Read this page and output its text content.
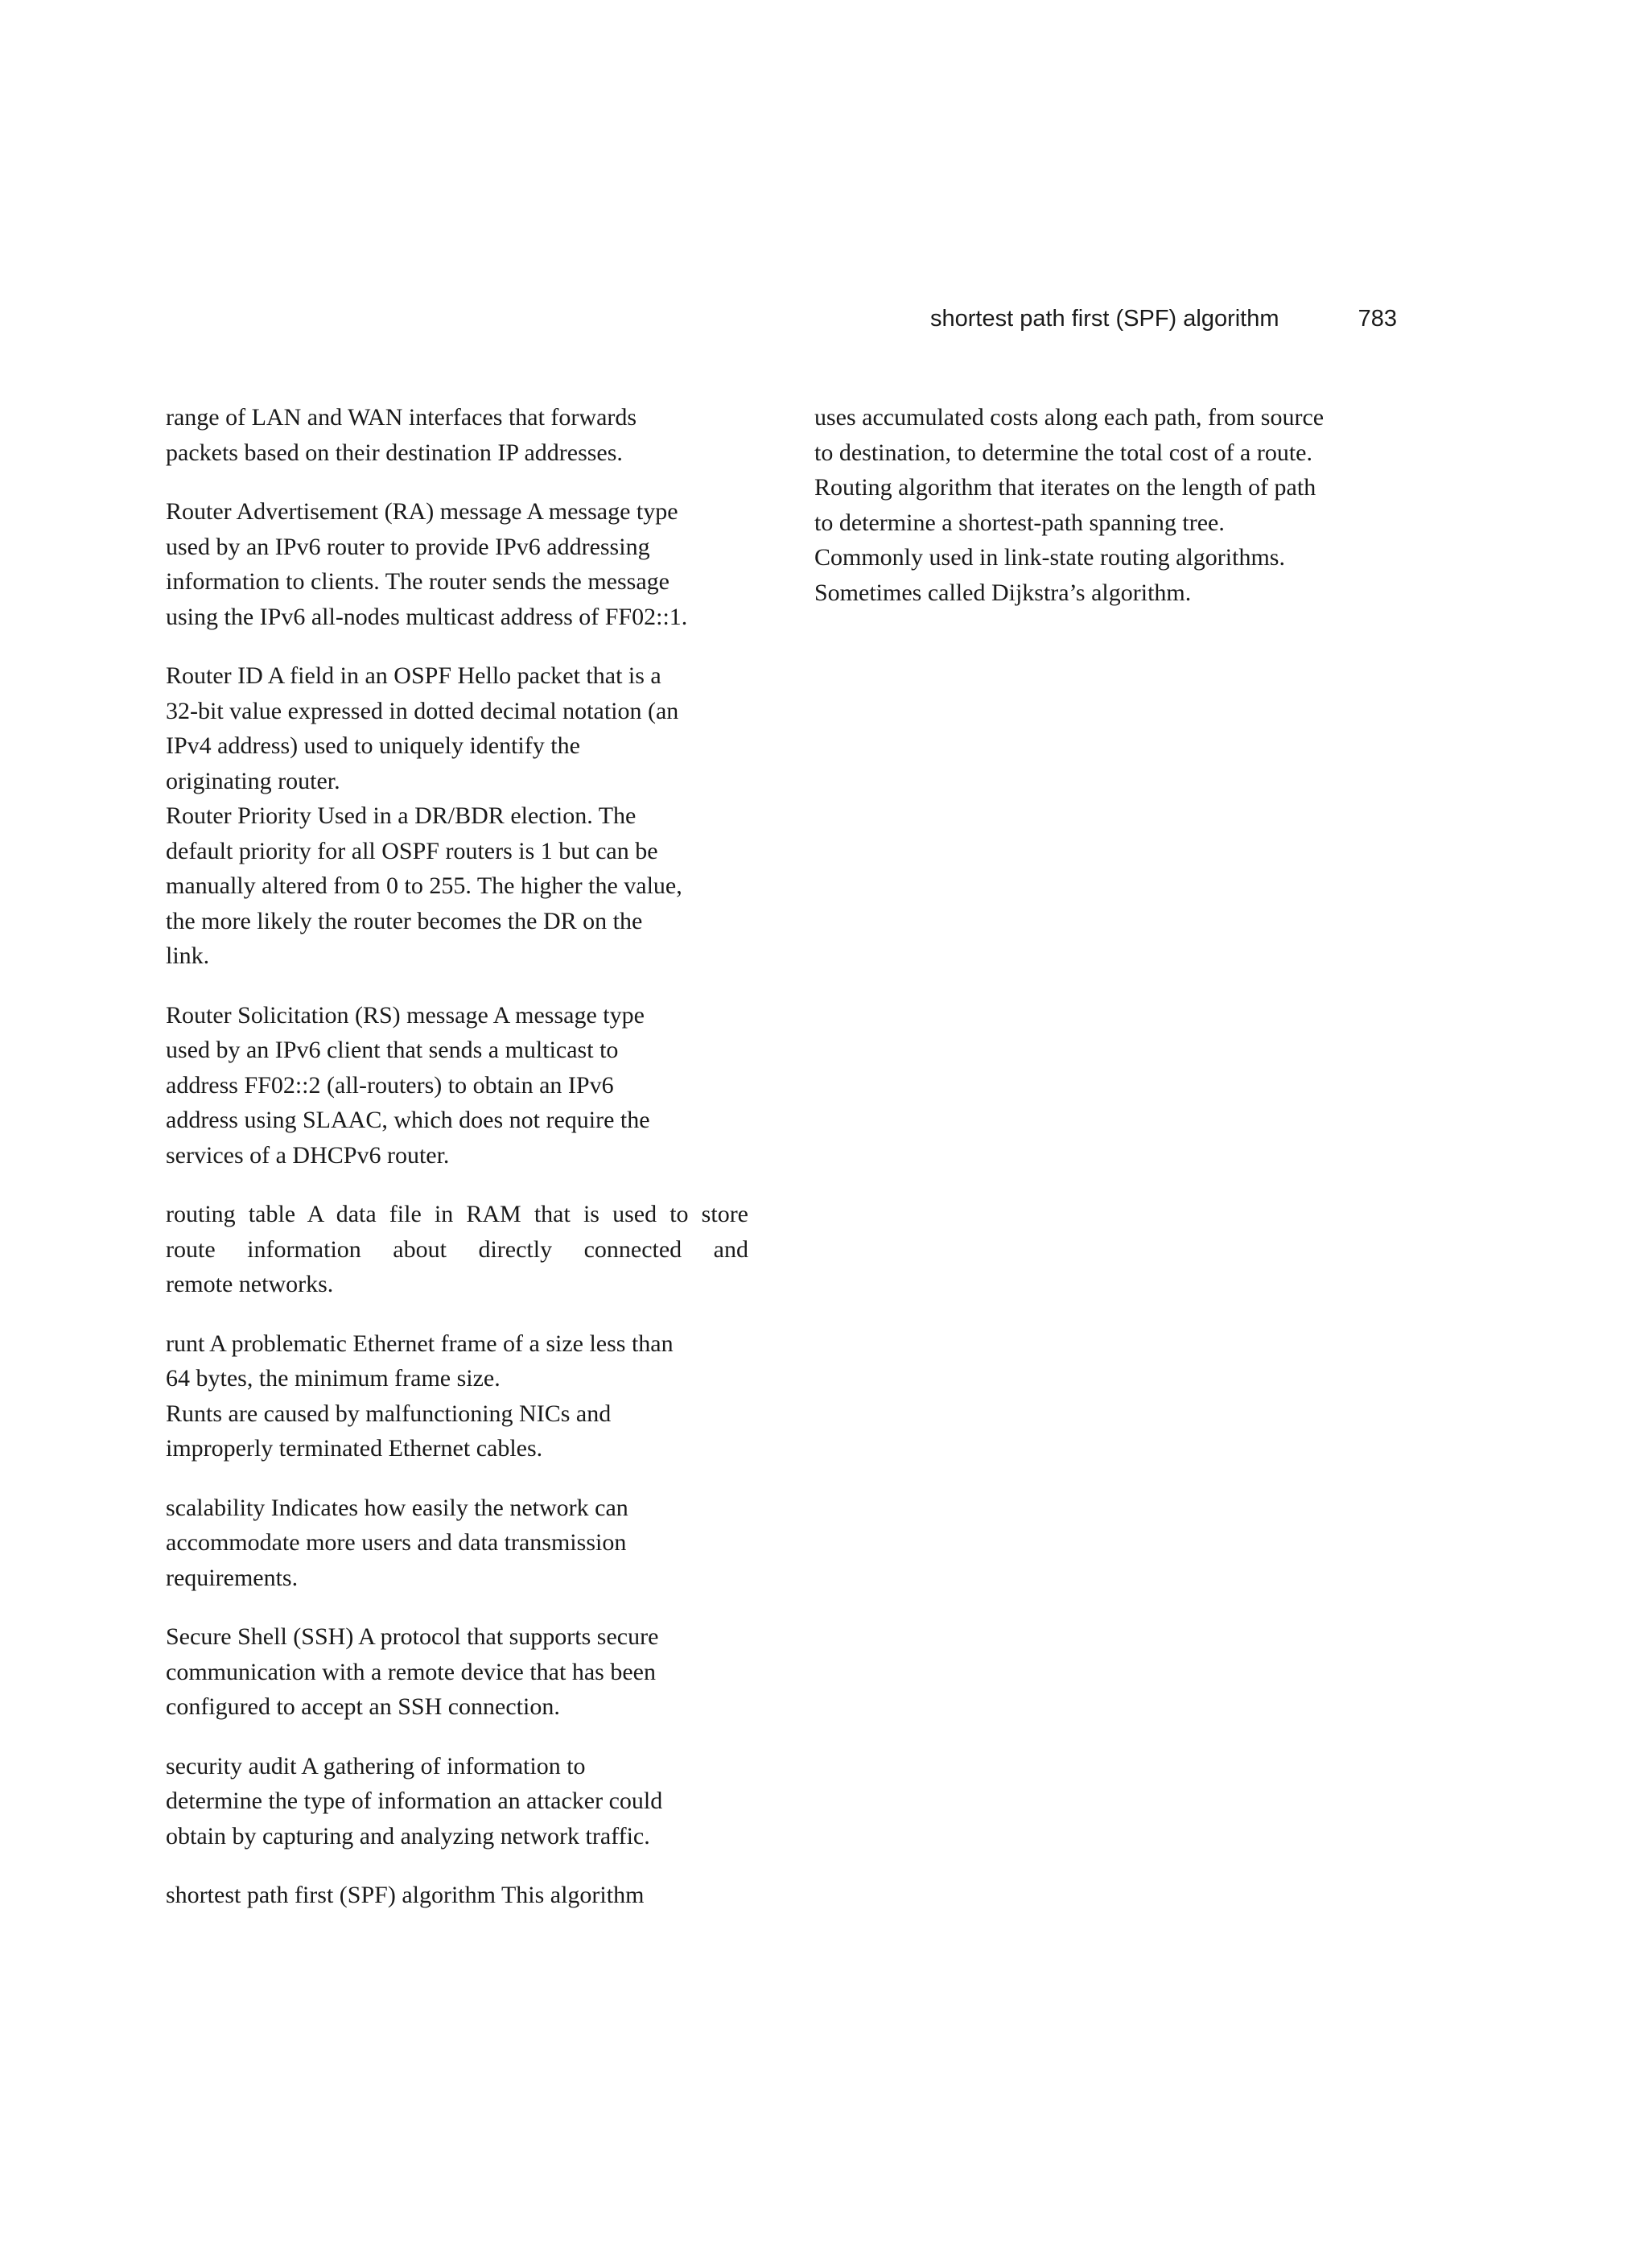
shortest path first (SPF) algorithm	783
range of LAN and WAN interfaces that forwards
packets based on their destination IP addresses.
Router Advertisement (RA) message A message type
used by an IPv6 router to provide IPv6 addressing
information to clients. The router sends the message
using the IPv6 all-nodes multicast address of FF02::1.
Router ID A field in an OSPF Hello packet that is a
32-bit value expressed in dotted decimal notation (an
IPv4 address) used to uniquely identify the
originating router.
Router Priority Used in a DR/BDR election. The
default priority for all OSPF routers is 1 but can be
manually altered from 0 to 255. The higher the value,
the more likely the router becomes the DR on the
link.
Router Solicitation (RS) message A message type
used by an IPv6 client that sends a multicast to
address FF02::2 (all-routers) to obtain an IPv6
address using SLAAC, which does not require the
services of a DHCPv6 router.
routing table A data file in RAM that is used to store
route information about directly connected and
remote networks.
runt A problematic Ethernet frame of a size less than
64 bytes, the minimum frame size.
Runts are caused by malfunctioning NICs and
improperly terminated Ethernet cables.
scalability Indicates how easily the network can
accommodate more users and data transmission
requirements.
Secure Shell (SSH) A protocol that supports secure
communication with a remote device that has been
configured to accept an SSH connection.
security audit A gathering of information to
determine the type of information an attacker could
obtain by capturing and analyzing network traffic.
shortest path first (SPF) algorithm This algorithm
uses accumulated costs along each path, from source
to destination, to determine the total cost of a route.
Routing algorithm that iterates on the length of path
to determine a shortest-path spanning tree.
Commonly used in link-state routing algorithms.
Sometimes called Dijkstra’s algorithm.
